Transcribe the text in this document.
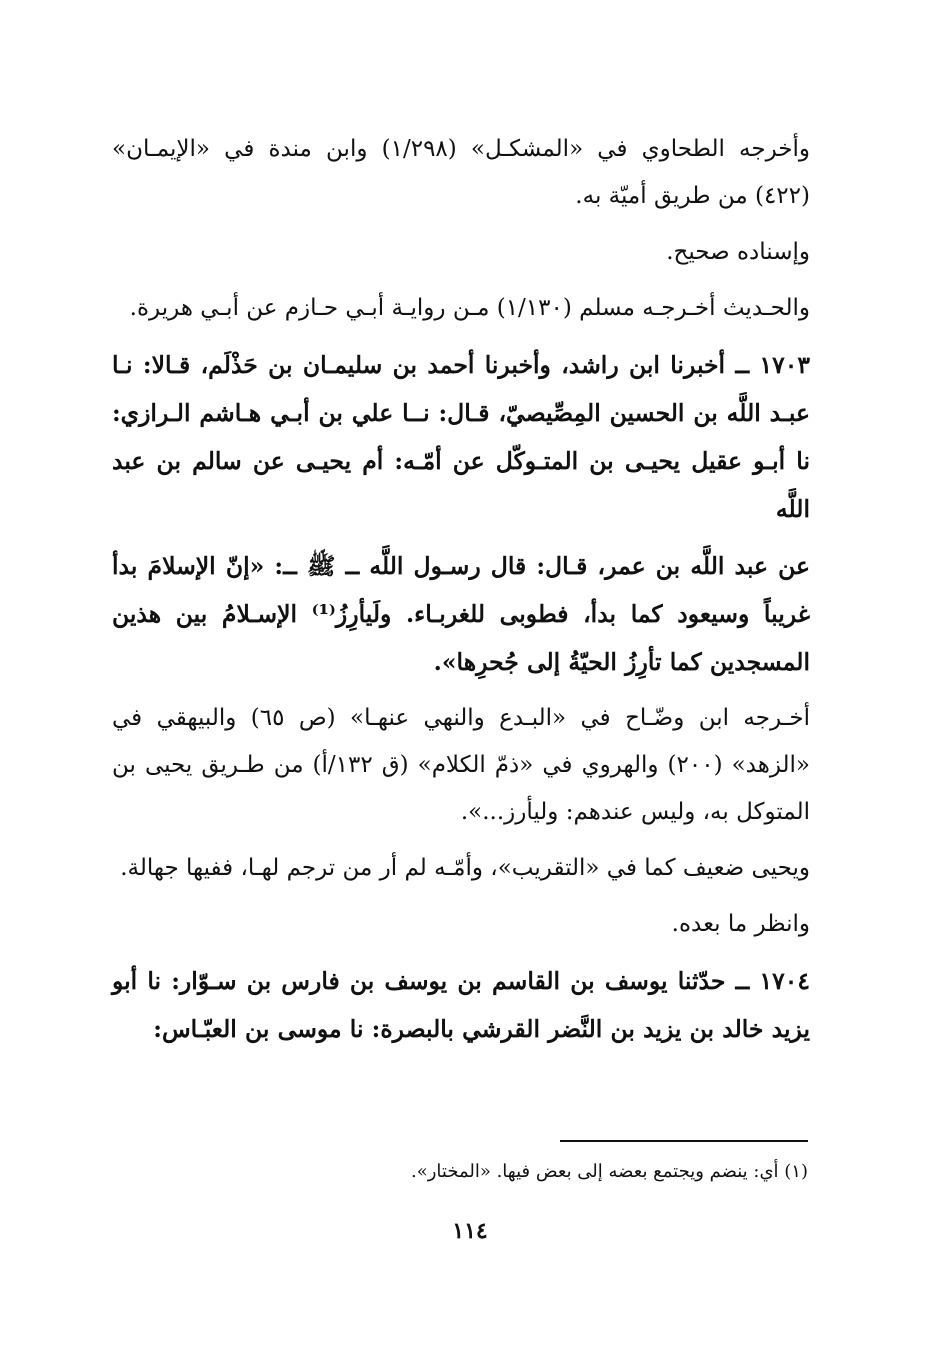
وأخرجه الطحاوي في «المشكـل» (١/٢٩٨) وابن مندة في «الإيمـان» (٤٢٢) من طريق أميّة به.

وإسناده صحيح.

والحـديث أخـرجـه مسلم (١/١٣٠) مـن روايـة أبـي حـازم عن أبـي هريرة.

١٧٠٣ ــ أخبرنا ابن راشد، وأخبرنا أحمد بن سليمـان بن حَذْلَم، قـالا: نـا عبـد اللَّه بن الحسين المِصِّيصيّ، قـال: نــا علي بن أبـي هـاشم الـرازي: نا أبـو عقيل يحيـى بن المتـوكّل عن أمّـه: أم يحيـى عن سالم بن عبد اللَّه

عن عبد اللَّه بن عمر، قـال: قال رسـول اللَّه ــ ﷺ ــ: «إنّ الإسلامَ بدأ غريباً وسيعود كما بدأ، فطوبى للغربـاء. ولَيأرِزُ⁽¹⁾ الإسـلامُ بين هذين المسجدين كما تأرِزُ الحيّةُ إلى جُحرِها».

أخـرجه ابن وضّـاح في «البـدع والنهي عنهـا» (ص ٦٥) والبيهقي في «الزهد» (٢٠٠) والهروي في «ذمّ الكلام» (ق ١٣٢/أ) من طـريق يحيى بن المتوكل به، وليس عندهم: وليأرز...».

ويحيى ضعيف كما في «التقريب»، وأمّـه لم أر من ترجم لهـا، ففيها جهالة.

وانظر ما بعده.

١٧٠٤ ــ حدّثنا يوسف بن القاسم بن يوسف بن فارس بن سـوّار: نا أبو يزيد خالد بن يزيد بن النَّضر القرشي بالبصرة: نا موسى بن العبّـاس:

(١) أي: ينضم ويجتمع بعضه إلى بعض فيها. «المختار».
١١٤
